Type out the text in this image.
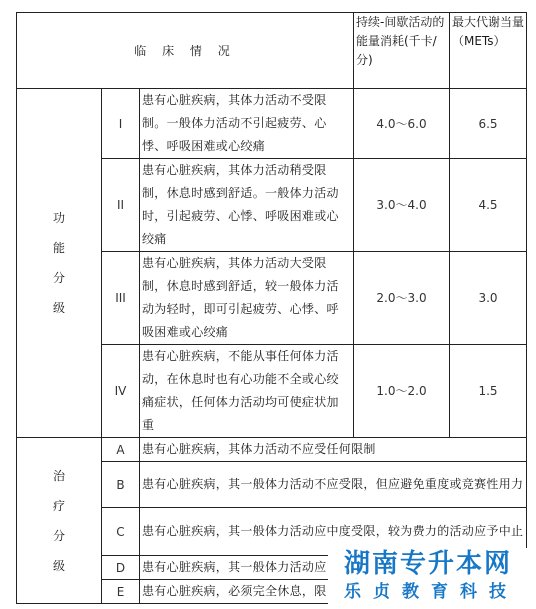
临 床 情 况			持续-间歇活动的能量消耗(千卡/分)	最大代谢当量（METs）

功
能
分
级	I	患有心脏疾病，其体力活动不受限制。一般体力活动不引起疲劳、心悸、呼吸困难或心绞痛	4.0～6.0	6.5
	II	患有心脏疾病，其体力活动稍受限制，休息时感到舒适。一般体力活动时，引起疲劳、心悸、呼吸困难或心绞痛	3.0～4.0	4.5
	III	患有心脏疾病，其体力活动大受限制，休息时感到舒适，较一般体力活动为轻时，即可引起疲劳、心悸、呼吸困难或心绞痛	2.0～3.0	3.0
	IV	患有心脏疾病，不能从事任何体力活动，在休息时也有心功能不全或心绞痛症状，任何体力活动均可使症状加重	1.0～2.0	1.5

治
疗
分
级	A	患有心脏疾病，其体力活动不应受任何限制		
	B	患有心脏疾病，其一般体力活动不应受限，但应避免重度或竞赛性用力		
	C	患有心脏疾病，其一般体力活动应中度受限，较为费力的活动应予中止		
	D	患有心脏疾病，其一般体力活动应		
	E	患有心脏疾病，必须完全休息，限		
湖南专升本网
乐贞教育科技
